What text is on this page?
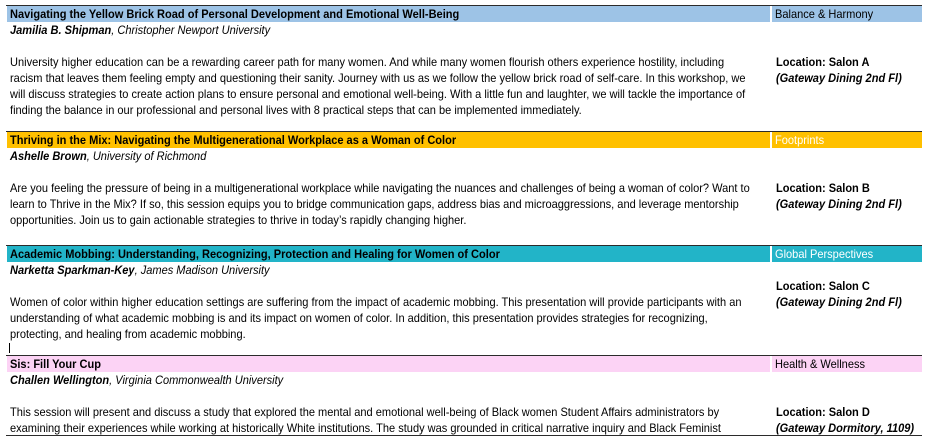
Navigating the Yellow Brick Road of Personal Development and Emotional Well-Being	Balance & Harmony
Jamilia B. Shipman, Christopher Newport University
University higher education can be a rewarding career path for many women. And while many women flourish others experience hostility, including
racism that leaves them feeling empty and questioning their sanity. Journey with us as we follow the yellow brick road of self-care. In this workshop, we
will discuss strategies to create action plans to ensure personal and emotional well-being. With a little fun and laughter, we will tackle the importance of
finding the balance in our professional and personal lives with 8 practical steps that can be implemented immediately.
Location: Salon A
(Gateway Dining 2nd Fl)
Thriving in the Mix: Navigating the Multigenerational Workplace as a Woman of Color	Footprints
Ashelle Brown, University of Richmond
Are you feeling the pressure of being in a multigenerational workplace while navigating the nuances and challenges of being a woman of color? Want to
learn to Thrive in the Mix? If so, this session equips you to bridge communication gaps, address bias and microaggressions, and leverage mentorship
opportunities. Join us to gain actionable strategies to thrive in today’s rapidly changing higher.
Location: Salon B
(Gateway Dining 2nd Fl)
Academic Mobbing: Understanding, Recognizing, Protection and Healing for Women of Color	Global Perspectives
Narketta Sparkman-Key, James Madison University
Women of color within higher education settings are suffering from the impact of academic mobbing. This presentation will provide participants with an
understanding of what academic mobbing is and its impact on women of color. In addition, this presentation provides strategies for recognizing,
protecting, and healing from academic mobbing.
Location: Salon C
(Gateway Dining 2nd Fl)
Sis: Fill Your Cup	Health & Wellness
Challen Wellington, Virginia Commonwealth University
This session will present and discuss a study that explored the mental and emotional well-being of Black women Student Affairs administrators by
examining their experiences while working at historically White institutions. The study was grounded in critical narrative inquiry and Black Feminist
Location: Salon D
(Gateway Dormitory, 1109)
